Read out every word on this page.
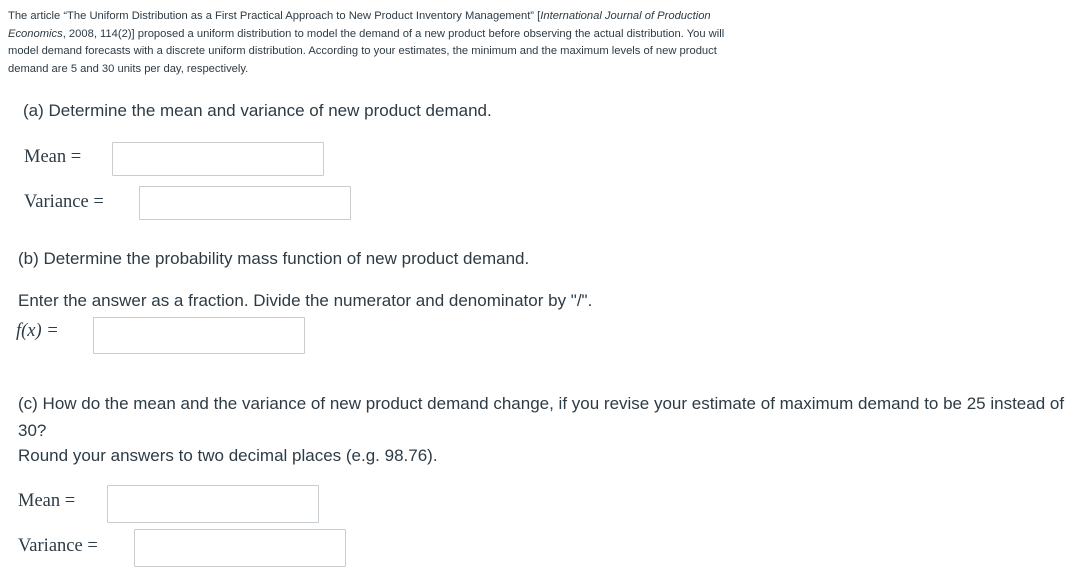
The article “The Uniform Distribution as a First Practical Approach to New Product Inventory Management” [International Journal of Production Economics, 2008, 114(2)] proposed a uniform distribution to model the demand of a new product before observing the actual distribution. You will model demand forecasts with a discrete uniform distribution. According to your estimates, the minimum and the maximum levels of new product demand are 5 and 30 units per day, respectively.
(a) Determine the mean and variance of new product demand.
Mean =
Variance =
(b) Determine the probability mass function of new product demand.
Enter the answer as a fraction. Divide the numerator and denominator by "/".
f(x) =
(c) How do the mean and the variance of new product demand change, if you revise your estimate of maximum demand to be 25 instead of 30?
Round your answers to two decimal places (e.g. 98.76).
Mean =
Variance =
